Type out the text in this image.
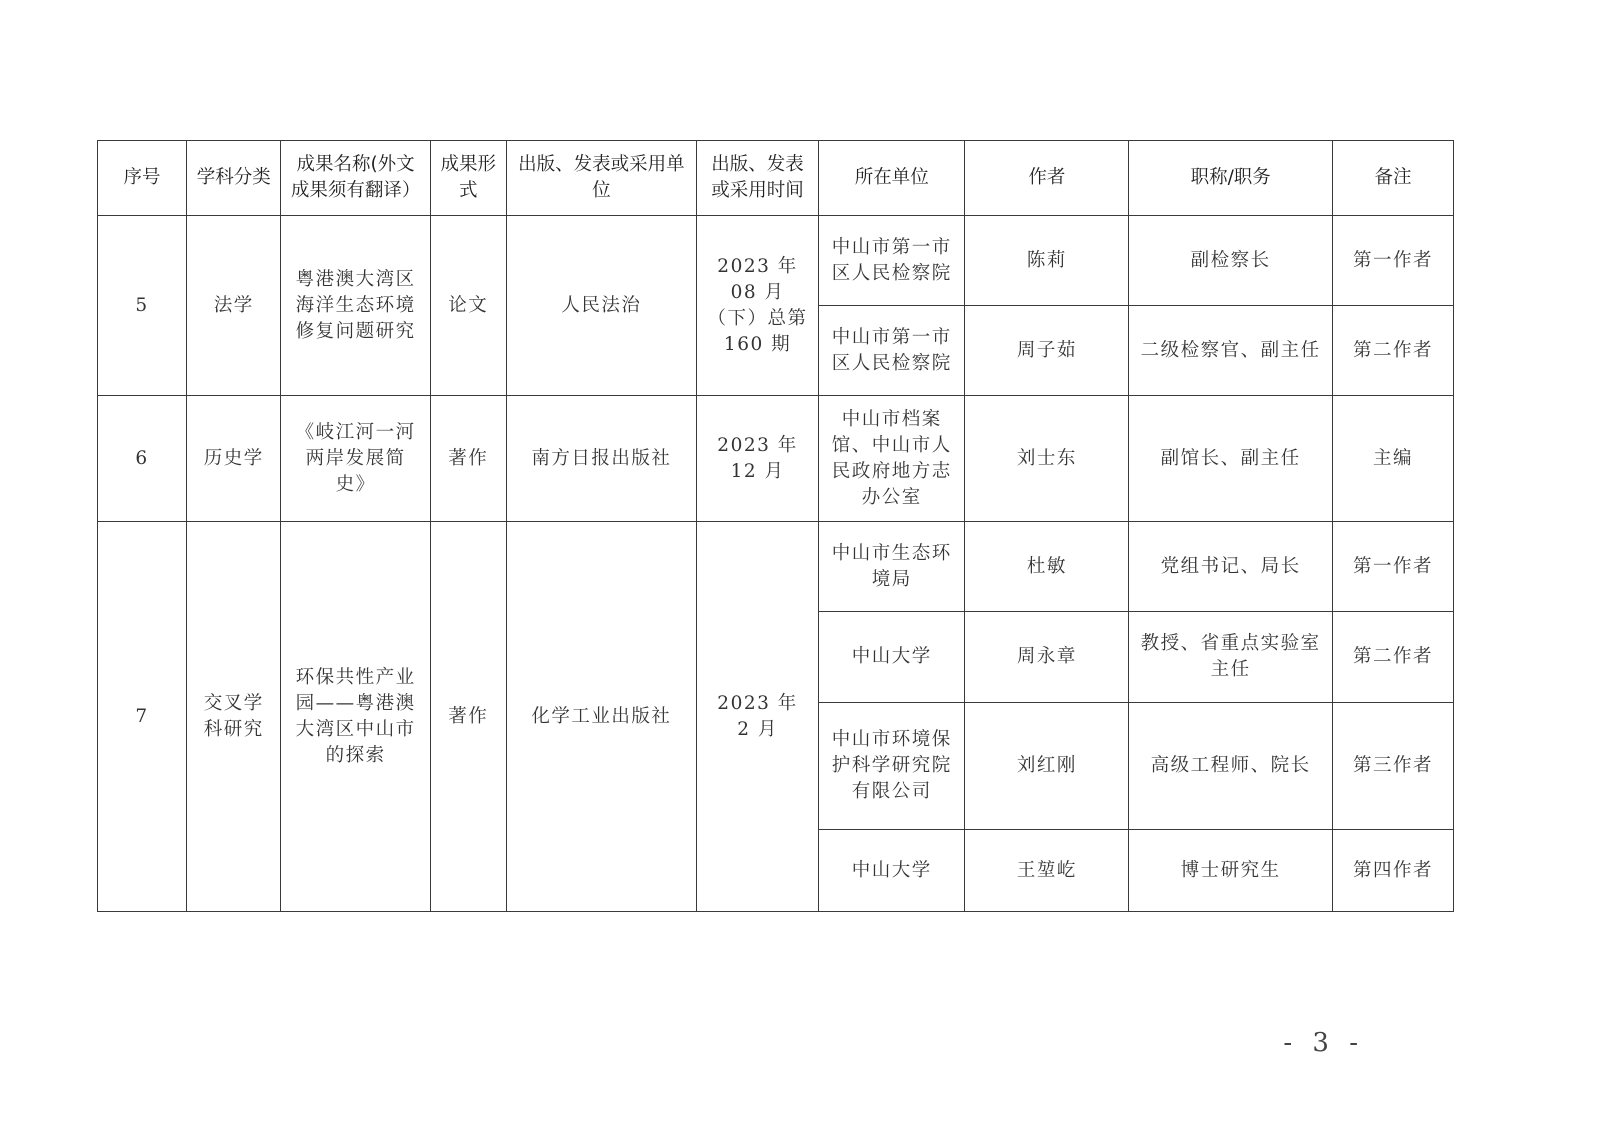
序号	学科分类	成果名称(外文成果须有翻译）	成果形式	出版、发表或采用单位	出版、发表或采用时间	所在单位	作者	职称/职务	备注
5	法学	粤港澳大湾区海洋生态环境修复问题研究	论文	人民法治	2023 年 08 月（下）总第 160 期	中山市第一市区人民检察院	陈莉	副检察长	第一作者
						中山市第一市区人民检察院	周子茹	二级检察官、副主任	第二作者
6	历史学	《岐江河一河两岸发展简史》	著作	南方日报出版社	2023 年 12 月	中山市档案馆、中山市人民政府地方志办公室	刘士东	副馆长、副主任	主编
7	交叉学科研究	环保共性产业园——粤港澳大湾区中山市的探索	著作	化学工业出版社	2023 年 2 月	中山市生态环境局	杜敏	党组书记、局长	第一作者
						中山大学	周永章	教授、省重点实验室主任	第二作者
						中山市环境保护科学研究院有限公司	刘红刚	高级工程师、院长	第三作者
						中山大学	王堃屹	博士研究生	第四作者
- 3 -
